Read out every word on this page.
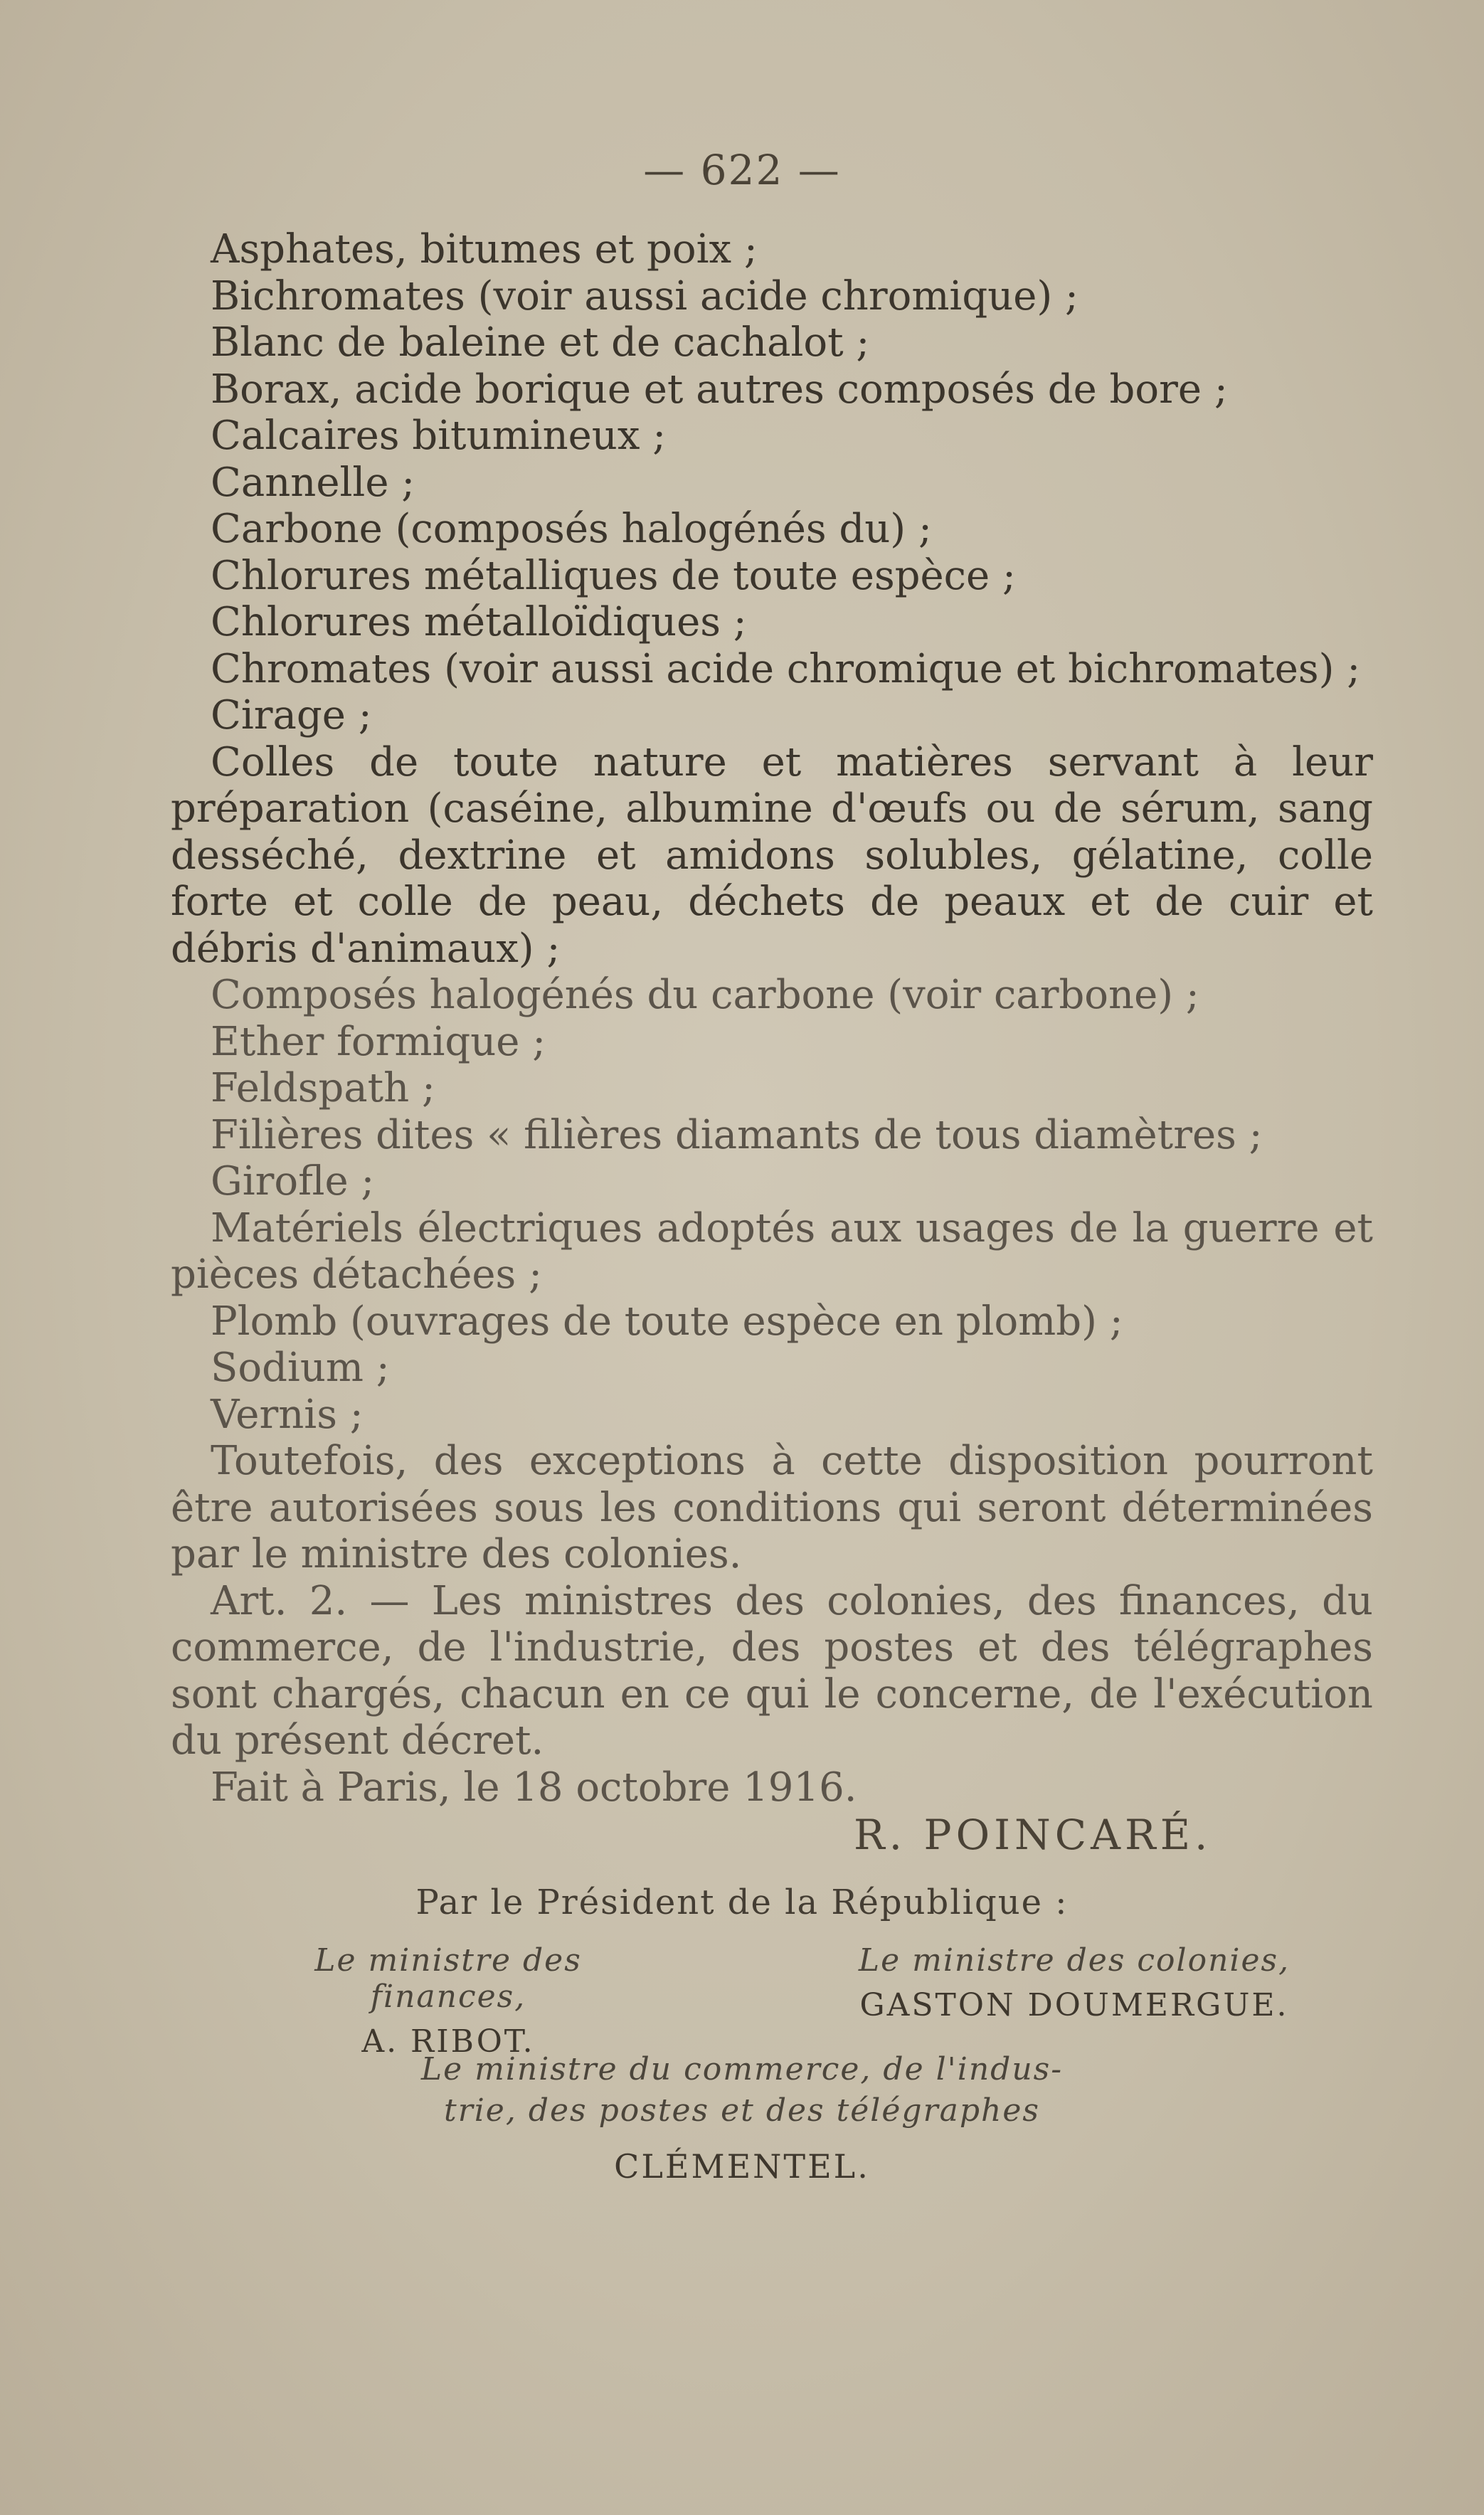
— 622 —
Asphates, bitumes et poix ;
Bichromates (voir aussi acide chromique) ;
Blanc de baleine et de cachalot ;
Borax, acide borique et autres composés de bore ;
Calcaires bitumineux ;
Cannelle ;
Carbone (composés halogénés du) ;
Chlorures métalliques de toute espèce ;
Chlorures métalloïdiques ;
Chromates (voir aussi acide chromique et bichromates) ;
Cirage ;
Colles de toute nature et matières servant à leur préparation (caséine, albumine d'œufs ou de sérum, sang desséché, dextrine et amidons solubles, gélatine, colle forte et colle de peau, déchets de peaux et de cuir et débris d'animaux) ;
Composés halogénés du carbone (voir carbone) ;
Ether formique ;
Feldspath ;
Filières dites « filières diamants de tous diamètres ;
Girofle ;
Matériels électriques adoptés aux usages de la guerre et pièces détachées ;
Plomb (ouvrages de toute espèce en plomb) ;
Sodium ;
Vernis ;
Toutefois, des exceptions à cette disposition pourront être autorisées sous les conditions qui seront déterminées par le ministre des colonies.
Art. 2. — Les ministres des colonies, des finances, du commerce, de l'industrie, des postes et des télégraphes sont chargés, chacun en ce qui le concerne, de l'exécution du présent décret.
Fait à Paris, le 18 octobre 1916.
R. POINCARÉ.
Par le Président de la République :
Le ministre des finances,
A. RIBOT.
Le ministre des colonies,
GASTON DOUMERGUE.
Le ministre du commerce, de l'indus-
trie, des postes et des télégraphes
CLÉMENTEL.
